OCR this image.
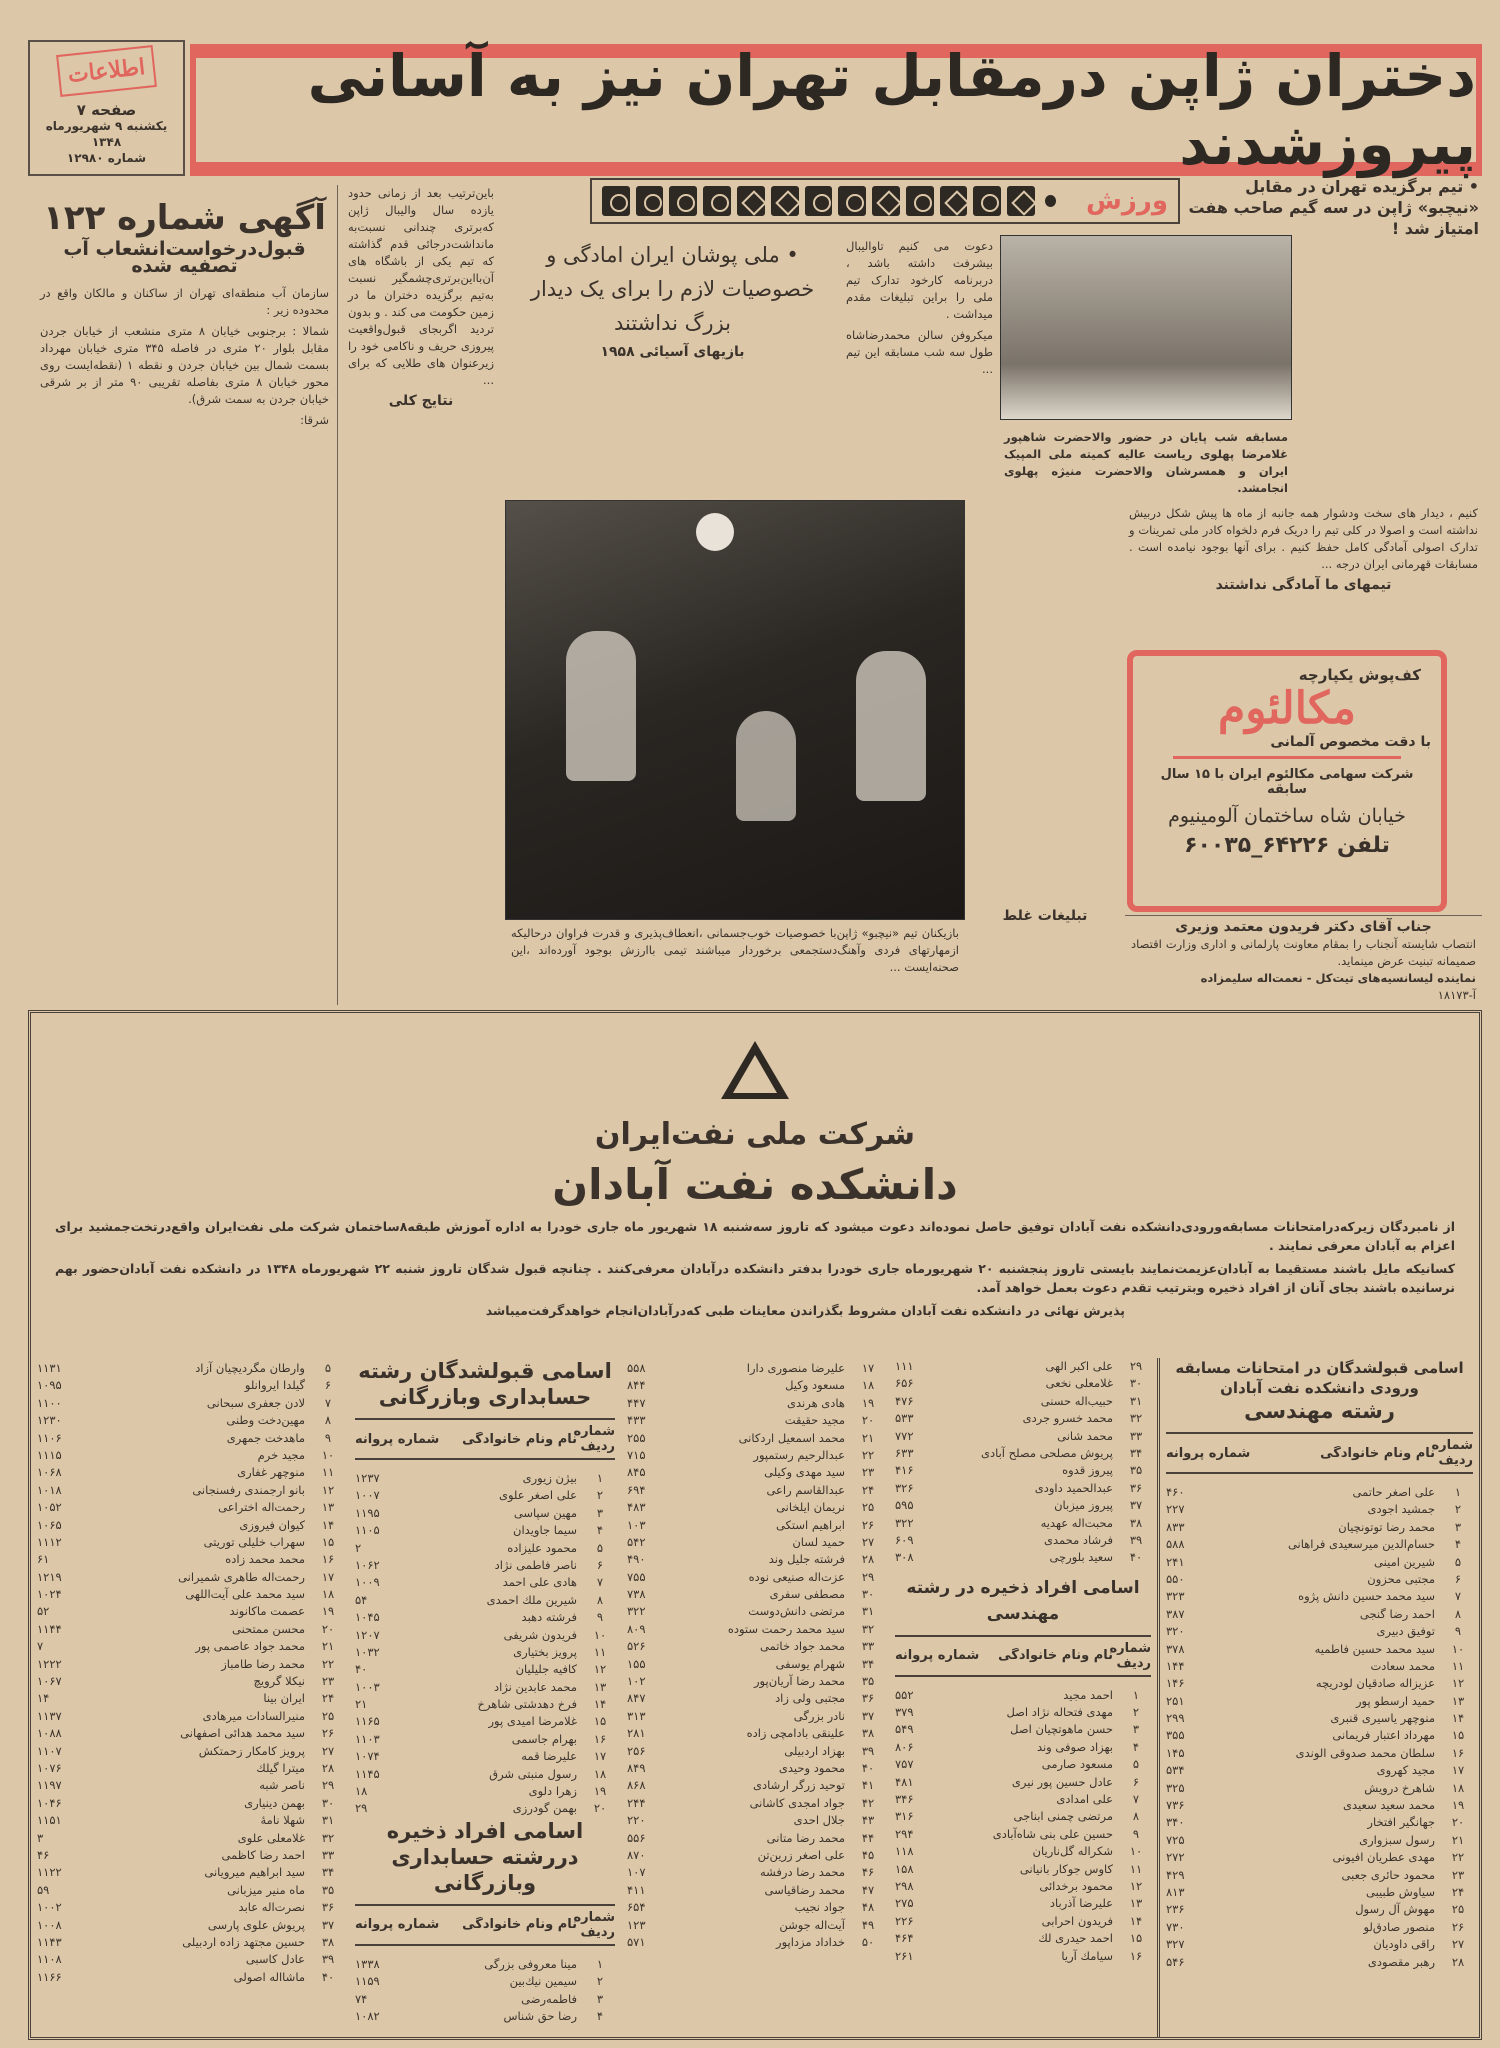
اطلاعات
صفحه ۷
یکشنبه ۹ شهریورماه ۱۳۴۸
شماره ۱۲۹۸۰
دختران ژاپن درمقابل تهران نیز به آسانی پیروزشدند
آگهی شماره ۱۲۲
قبول‌درخواست‌انشعاب آب تصفیه شده

سازمان آب منطقه‌ای تهران از ساکنان و مالکان واقع در محدوده زیر :

شمالا : برجنوبی خیابان ۸ متری منشعب از خیابان جردن مقابل بلوار ۲۰ متری در فاصله ۳۴۵ متری خیابان مهرداد بسمت شمال بین خیابان جردن و نقطه ۱ (نقطه‌ایست روی محور خیابان ۸ متری بفاصله تقریبی ۹۰ متر از بر شرقی خیابان جردن به سمت شرق).

شرقا:

باین‌ترتیب بعد از زمانی حدود یازده سال والیبال ژاپن که‌برتری چندانی نسبت‌به مانداشت‌درجائی قدم گذاشته که تیم یکی از باشگاه های آن‌بااین‌برتری‌چشمگیر نسبت به‌تیم برگزیده دختران ما در زمین حکومت می کند . و بدون تردید اگربجای قبول‌واقعیت پیروزی حریف و ناکامی خود را زیرعنوان های طلایی که برای ...

نتایج کلی
ورزش
• ملی پوشان ایران امادگی و خصوصیات لازم را برای یک دیدار بزرگ نداشتند
بازیهای آسیائی ۱۹۵۸

دعوت می کنیم تاوالیبال بیشرفت داشته باشد ، دربرنامه کارخود تدارک تیم ملی را براین تبلیغات مقدم میداشت .

میکروفن سالن محمدرضاشاه طول سه شب مسابقه این تیم ...

بازیکنان تیم «نیچبو» ژاپن‌با خصوصیات خوب‌جسمانی ،انعطاف‌پذیری و قدرت فراوان درحالیکه ازمهارتهای فردی وآهنگ‌دستجمعی برخوردار میباشند تیمی باارزش بوجود آورده‌اند ،این صحنه‌ایست ...
تبلیغات غلط
• تیم برگزیده تهران در مقابل «نیچبو» ژاپن در سه گیم صاحب هفت امتیاز شد !
مسابقه شب پایان در حضور والاحضرت شاهپور غلامرضا پهلوی ریاست عالیه کمیته ملی المپیک ایران و همسرشان والاحضرت منیژه پهلوی انجامشد.

کنیم ، دیدار های سخت ودشوار همه جانبه از ماه ها پیش شکل دربیش نداشته است و اصولا در کلی تیم را دریک فرم دلخواه کادر ملی تمرینات و تدارک اصولی آمادگی کامل حفظ کنیم . برای آنها بوجود نیامده است . مسابقات قهرمانی ایران درجه ...

تیمهای ما آمادگی نداشتند
کف‌پوش یکپارچه
مکالئوم
با دقت مخصوص آلمانی
شرکت سهامی مکالئوم ایران با ۱۵ سال سابقه
خیابان شاه ساختمان آلومینیوم
تلفن ۶۴۲۲۶_۶۰۰۳۵
جناب آقای دکتر فریدون معتمد وزیری
انتصاب شایسته آنجناب را بمقام معاونت پارلمانی و اداری وزارت اقتصاد صمیمانه تبنیت عرض مینماید.
نماینده لیسانسیه‌های تیت‌کل - نعمت‌اله سلیمزاده
آ-۱۸۱۷۳
شرکت ملی نفت‌ایران
دانشکده نفت آبادان

از نامبردگان زیرکه‌درامتحانات مسابقه‌ورودی‌دانشکده نفت آبادان توفیق حاصل نموده‌اند دعوت میشود که تاروز سه‌شنبه ۱۸ شهریور ماه جاری خودرا به اداره آموزش طبقه۸ساختمان شرکت ملی نفت‌ایران واقع‌درتخت‌جمشید برای اعزام به آبادان معرفی نمایند .

کسانیکه مایل باشند مستقیما به آبادان‌عزیمت‌نمایند بایستی تاروز پنجشنبه ۲۰ شهریورماه جاری خودرا بدفتر دانشکده درآبادان معرفی‌کنند . چنانچه قبول شدگان تاروز شنبه ۲۲ شهریورماه ۱۳۴۸ در دانشکده نفت آبادان‌حضور بهم نرسانیده باشند بجای آنان از افراد ذخیره وبترتیب تقدم دعوت بعمل خواهد آمد.

پذیرش نهائی در دانشکده نفت آبادان مشروط بگذراندن معاینات طبی که‌درآبادان‌انجام خواهدگرفت‌میباشد

اسامی قبولشدگان در امتحانات مسابقه ورودی دانشکده نفت آبادان
رشته مهندسی
شماره ردیف
نام ونام خانوادگی
شماره پروانه
۱
علی اصغر حاتمی
۴۶۰
۲
جمشید اجودی
۲۲۷
۳
محمد رضا توتونچیان
۸۳۳
۴
حسام‌الدین میرسعیدی فراهانی
۵۸۸
۵
شیرین امینی
۲۴۱
۶
مجتبی محزون
۵۵۰
۷
سید محمد حسین دانش پژوه
۳۲۳
۸
احمد رضا گنجی
۳۸۷
۹
توفیق دبیری
۳۲۰
۱۰
سید محمد حسین فاطمیه
۳۷۸
۱۱
محمد سعادت
۱۴۴
۱۲
عزیزاله صادقیان لودریچه
۱۴۶
۱۳
حمید ارسطو پور
۲۵۱
۱۴
منوچهر یاسیری قنبری
۲۹۹
۱۵
مهرداد اعتبار فریمانی
۳۵۵
۱۶
سلطان محمد صدوقی الوندی
۱۴۵
۱۷
مجید کهروی
۵۳۴
۱۸
شاهرخ درویش
۳۲۵
۱۹
محمد سعید سعیدی
۷۳۶
۲۰
جهانگیر افتخار
۳۴۰
۲۱
رسول سبزواری
۷۲۵
۲۲
مهدی عطریان افیونی
۲۷۲
۲۳
محمود حائری جعبی
۴۲۹
۲۴
سیاوش طبیبی
۸۱۳
۲۵
مهوش آل رسول
۲۳۶
۲۶
منصور صادق‌لو
۷۳۰
۲۷
راقی داودیان
۳۲۷
۲۸
رهبر مقصودی
۵۴۶
۲۹
علی اکبر الهی
۱۱۱
۳۰
غلامعلی نخعی
۶۵۶
۳۱
حبیب‌اله حسنی
۴۷۶
۳۲
محمد خسرو جردی
۵۳۳
۳۳
محمد شانی
۷۷۲
۳۴
پریوش مصلحی مصلح آبادی
۶۳۳
۳۵
پیروز قدوه
۴۱۶
۳۶
عبدالحمید داودی
۳۲۶
۳۷
پیروز میزبان
۵۹۵
۳۸
محبت‌اله عهدیه
۳۲۲
۳۹
فرشاد محمدی
۶۰۹
۴۰
سعید بلورچی
۳۰۸
اسامی افراد ذخیره در رشته مهندسی
شماره ردیف
نام ونام خانوادگی
شماره پروانه
۱
احمد مجید
۵۵۲
۲
مهدی فتحاله نژاد اصل
۳۷۹
۳
حسن ماهوتچیان اصل
۵۴۹
۴
بهزاد صوفی وند
۸۰۶
۵
مسعود صارمی
۷۵۷
۶
عادل حسین پور نیری
۴۸۱
۷
علی امدادی
۳۴۶
۸
مرتضی چمنی ابناجی
۳۱۶
۹
حسین علی بنی شاه‌آبادی
۲۹۴
۱۰
شکراله گل‌ناریان
۱۱۸
۱۱
کاوس جوکار بانیانی
۱۵۸
۱۲
محمود برخدائی
۲۹۸
۱۳
علیرضا آذرباد
۲۷۵
۱۴
فریدون احرابی
۲۲۶
۱۵
احمد حیدری لك
۴۶۴
۱۶
سیامك آریا
۲۶۱
۱۷
علیرضا منصوری دارا
۵۵۸
۱۸
مسعود وکیل
۸۴۴
۱۹
هادی هرندی
۴۴۷
۲۰
مجید حقیقت
۴۳۳
۲۱
محمد اسمعیل اردکانی
۲۵۵
۲۲
عبدالرحیم رستمپور
۷۱۵
۲۳
سید مهدی وکیلی
۸۴۵
۲۴
عبدالقاسم راعی
۶۹۴
۲۵
نریمان ایلخانی
۴۸۳
۲۶
ابراهیم استکی
۱۰۳
۲۷
حمید لسان
۵۴۲
۲۸
فرشته جلیل وند
۴۹۰
۲۹
عزت‌اله صنیعی نوده
۷۵۵
۳۰
مصطفی سفری
۷۳۸
۳۱
مرتضی دانش‌دوست
۳۲۲
۳۲
سید محمد رحمت ستوده
۸۰۹
۳۳
محمد جواد خاتمی
۵۲۶
۳۴
شهرام یوسفی
۱۵۵
۳۵
محمد رضا آریان‌پور
۱۰۲
۳۶
مجتبی ولی زاد
۸۴۷
۳۷
نادر بزرگی
۳۱۳
۳۸
علینقی بادامچی زاده
۲۸۱
۳۹
بهزاد اردبیلی
۲۵۶
۴۰
محمود وحیدی
۸۴۹
۴۱
توحید زرگر ارشادی
۸۶۸
۴۲
جواد امجدی کاشانی
۲۴۴
۴۳
جلال احدی
۲۲۰
۴۴
محمد رضا متانی
۵۵۶
۴۵
علی اصغر زرین‌تن
۸۷۰
۴۶
محمد رضا درفشه
۱۰۷
۴۷
محمد رضاقیاسی
۴۱۱
۴۸
جواد نجیب
۶۵۴
۴۹
آیت‌اله جوشن
۱۲۳
۵۰
خداداد مزداپور
۵۷۱
اسامی قبولشدگان رشته حسابداری وبازرگانی
شماره ردیف
نام ونام خانوادگی
شماره پروانه
۱
بیژن زیوری
۱۲۳۷
۲
علی اصغر علوی
۱۰۰۷
۳
مهین سپاسی
۱۱۹۵
۴
سیما جاویدان
۱۱۰۵
۵
محمود علیزاده
۲
۶
ناصر فاطمی نژاد
۱۰۶۲
۷
هادی علی احمد
۱۰۰۹
۸
شیرین ملك احمدی
۵۴
۹
فرشته دهبد
۱۰۴۵
۱۰
فریدون شریفی
۱۲۰۷
۱۱
پرویز بختیاری
۱۰۳۲
۱۲
کافیه جلیلیان
۴۰
۱۳
محمد عابدین نژاد
۱۰۰۳
۱۴
فرخ دهدشتی شاهرخ
۲۱
۱۵
غلامرضا امیدی پور
۱۱۶۵
۱۶
بهرام جاسمی
۱۱۰۳
۱۷
علیرضا قمه
۱۰۷۴
۱۸
رسول منبتی شرق
۱۱۴۵
۱۹
زهرا دلوی
۱۸
۲۰
بهمن گودرزی
۲۹
اسامی افراد ذخیره دررشته حسابداری وبازرگانی
شماره ردیف
نام ونام خانوادگی
شماره پروانه
۱
مینا معروفی بزرگی
۱۳۳۸
۲
سیمین نیك‌بین
۱۱۵۹
۳
فاطمه‌رضی
۷۴
۴
رضا حق شناس
۱۰۸۲
۵
وارطان مگردیچیان آزاد
۱۱۳۱
۶
گیلدا ایروانلو
۱۰۹۵
۷
لادن جعفری سبحانی
۱۱۰۰
۸
مهین‌دخت وطنی
۱۲۳۰
۹
ماهدخت جمهری
۱۱۰۶
۱۰
مجید خرم
۱۱۱۵
۱۱
منوچهر غفاری
۱۰۶۸
۱۲
بانو ارجمندی رفسنجانی
۱۰۱۸
۱۳
رحمت‌اله اختراعی
۱۰۵۲
۱۴
کیوان فیروزی
۱۰۶۵
۱۵
سهراب خلیلی توریتی
۱۱۱۲
۱۶
محمد محمد زاده
۶۱
۱۷
رحمت‌اله طاهری شمیرانی
۱۲۱۹
۱۸
سید محمد علی آیت‌اللهی
۱۰۲۴
۱۹
عصمت ماکانوند
۵۲
۲۰
محسن ممتحنی
۱۱۴۴
۲۱
محمد جواد عاصمی پور
۷
۲۲
محمد رضا طامباز
۱۲۲۲
۲۳
نیکلا گرویچ
۱۰۶۷
۲۴
ایران بینا
۱۴
۲۵
منیرالسادات میرهادی
۱۱۳۷
۲۶
سید محمد هدائی اصفهانی
۱۰۸۸
۲۷
پرویز کامکار زحمتکش
۱۱۰۷
۲۸
میترا گیلك
۱۰۷۶
۲۹
ناصر شبه
۱۱۹۷
۳۰
بهمن دینیاری
۱۰۴۶
۳۱
شهلا نامهٔ
۱۱۵۱
۳۲
غلامعلی علوی
۳
۳۳
احمد رضا کاظمی
۴۶
۳۴
سید ابراهیم میرویانی
۱۱۲۲
۳۵
ماه منیر میزبانی
۵۹
۳۶
نصرت‌اله عابد
۱۰۰۲
۳۷
پریوش علوی پارسی
۱۰۰۸
۳۸
حسین مجتهد زاده اردبیلی
۱۱۴۳
۳۹
عادل کاسبی
۱۱۰۸
۴۰
ماشااله اصولی
۱۱۶۶
